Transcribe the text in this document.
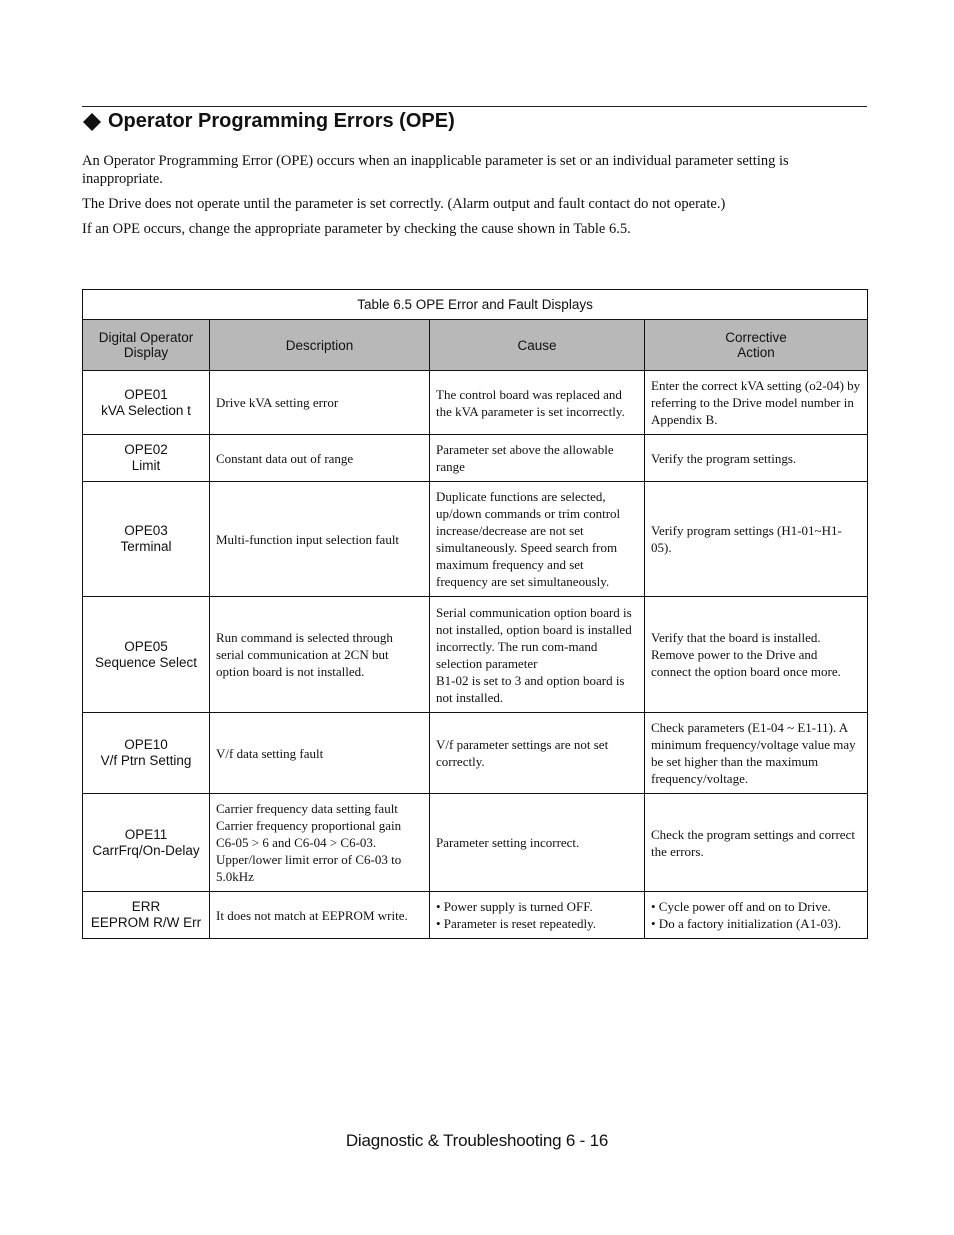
Operator Programming Errors (OPE)

An Operator Programming Error (OPE) occurs when an inapplicable parameter is set or an individual parameter setting is inappropriate.

The Drive does not operate until the parameter is set correctly. (Alarm output and fault contact do not operate.)

If an OPE occurs, change the appropriate parameter by checking the cause shown in Table 6.5.

Table 6.5 OPE Error and Fault Displays			

Digital Operator
Display	Description	Cause	Corrective
Action

OPE01
kVA Selection t	Drive kVA setting error	The control board was replaced and the kVA parameter is set incorrectly.	Enter the correct kVA setting (o2-04) by referring to the Drive model number in Appendix B.

OPE02
Limit	Constant data out of range	Parameter set above the allowable range	Verify the program settings.

OPE03
Terminal	Multi-function input selection fault	Duplicate functions are selected, up/down commands or trim control increase/decrease are not set simultaneously. Speed search from maximum frequency and set frequency are set simultaneously.	Verify program settings (H1-01~H1-05).

OPE05
Sequence Select	Run command is selected through serial communication at 2CN but option board is not installed.	Serial communication option board is not installed, option board is installed incorrectly. The run com-mand selection parameter
B1-02 is set to 3 and option board is not installed.	Verify that the board is installed. Remove power to the Drive and connect the option board once more.

OPE10
V/f Ptrn Setting	V/f data setting fault	V/f parameter settings are not set correctly.	Check parameters (E1-04 ~ E1-11). A minimum frequency/voltage value may be set higher than the maximum frequency/voltage.

OPE11
CarrFrq/On-Delay	Carrier frequency data setting fault
Carrier frequency proportional gain C6-05 > 6 and C6-04 > C6-03.
Upper/lower limit error of C6-03 to 5.0kHz	Parameter setting incorrect.	Check the program settings and correct the errors.

ERR
EEPROM R/W Err	It does not match at EEPROM write.	• Power supply is turned OFF.
• Parameter is reset repeatedly.	• Cycle power off and on to Drive.
• Do a factory initialization (A1-03).
Diagnostic & Troubleshooting 6 - 16
